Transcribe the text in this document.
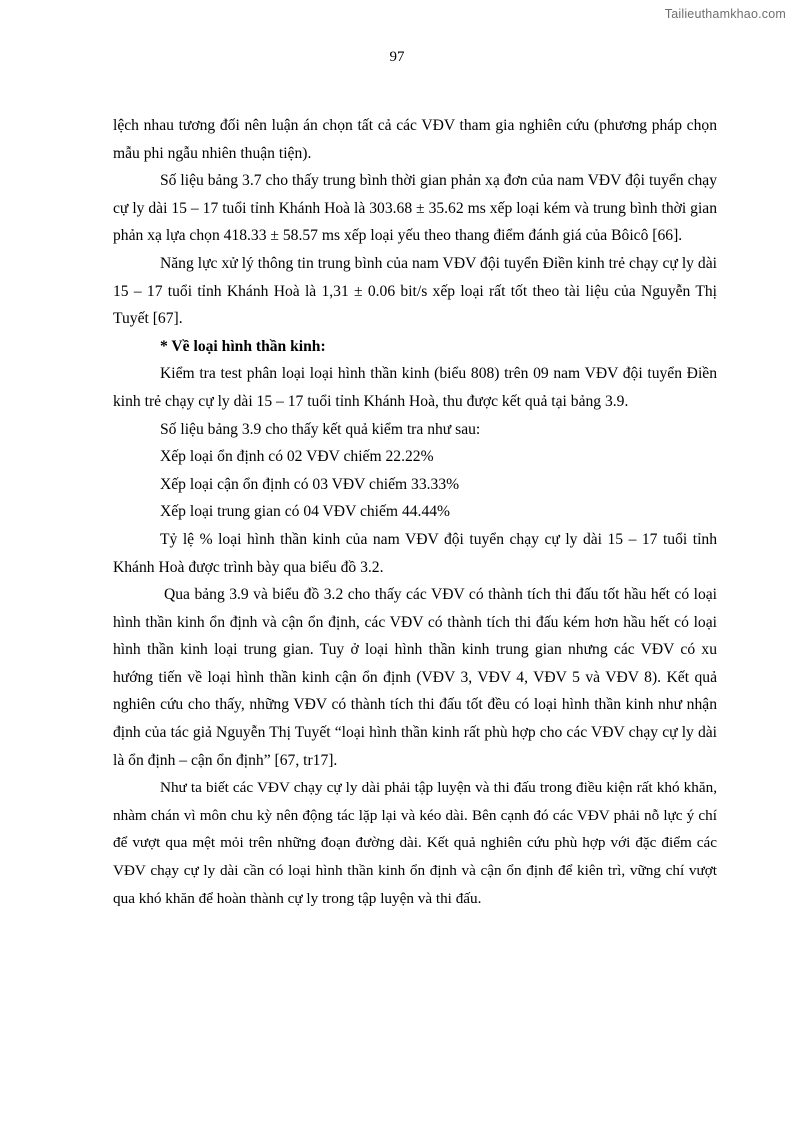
Tailieuthamkhao.com
97

lệch nhau tương đối nên luận án chọn tất cả các VĐV tham gia nghiên cứu (phương pháp chọn mẫu phi ngẫu nhiên thuận tiện).

Số liệu bảng 3.7 cho thấy trung bình thời gian phản xạ đơn của nam VĐV đội tuyển chạy cự ly dài 15 – 17 tuổi tỉnh Khánh Hoà là 303.68 ± 35.62 ms xếp loại kém và trung bình thời gian phản xạ lựa chọn 418.33 ± 58.57 ms xếp loại yếu theo thang điểm đánh giá của Bôicô [66].

Năng lực xử lý thông tin trung bình của nam VĐV đội tuyển Điền kinh trẻ chạy cự ly dài 15 – 17 tuổi tỉnh Khánh Hoà là 1,31 ± 0.06 bit/s xếp loại rất tốt theo tài liệu của Nguyễn Thị Tuyết [67].

* Về loại hình thần kinh:

Kiểm tra test phân loại loại hình thần kinh (biểu 808) trên 09 nam VĐV đội tuyển Điền kinh trẻ chạy cự ly dài 15 – 17 tuổi tỉnh Khánh Hoà, thu được kết quả tại bảng 3.9.

Số liệu bảng 3.9 cho thấy kết quả kiểm tra như sau:

Xếp loại ổn định có 02 VĐV chiếm 22.22%

Xếp loại cận ổn định có 03 VĐV chiếm 33.33%

Xếp loại trung gian có 04 VĐV chiếm 44.44%

Tỷ lệ % loại hình thần kinh của nam VĐV đội tuyển chạy cự ly dài 15 – 17 tuổi tỉnh Khánh Hoà được trình bày qua biểu đồ 3.2.

Qua bảng 3.9 và biểu đồ 3.2 cho thấy các VĐV có thành tích thi đấu tốt hầu hết có loại hình thần kinh ổn định và cận ổn định, các VĐV có thành tích thi đấu kém hơn hầu hết có loại hình thần kinh loại trung gian. Tuy ở loại hình thần kinh trung gian nhưng các VĐV có xu hướng tiến về loại hình thần kinh cận ổn định (VĐV 3, VĐV 4, VĐV 5 và VĐV 8). Kết quả nghiên cứu cho thấy, những VĐV có thành tích thi đấu tốt đều có loại hình thần kinh như nhận định của tác giả Nguyễn Thị Tuyết “loại hình thần kinh rất phù hợp cho các VĐV chạy cự ly dài là ổn định – cận ổn định” [67, tr17].

Như ta biết các VĐV chạy cự ly dài phải tập luyện và thi đấu trong điều kiện rất khó khăn, nhàm chán vì môn chu kỳ nên động tác lặp lại và kéo dài. Bên cạnh đó các VĐV phải nỗ lực ý chí để vượt qua mệt mỏi trên những đoạn đường dài. Kết quả nghiên cứu phù hợp với đặc điểm các VĐV chạy cự ly dài cần có loại hình thần kinh ổn định và cận ổn định để kiên trì, vững chí vượt qua khó khăn để hoàn thành cự ly trong tập luyện và thi đấu.
